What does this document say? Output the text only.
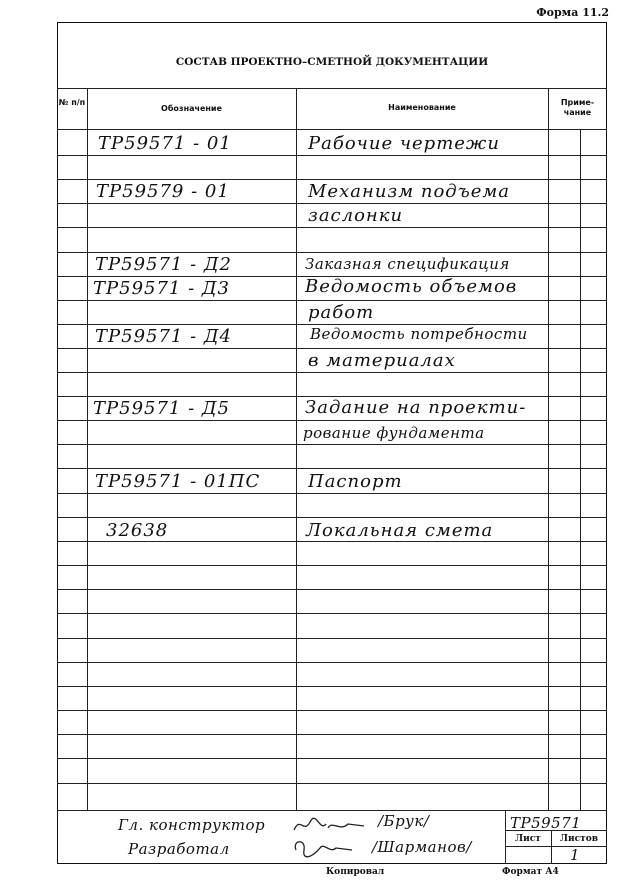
Форма 11.2
СОСТАВ ПРОЕКТНО–СМЕТНОЙ ДОКУМЕНТАЦИИ
№ п/п
Обозначение	Наименование
Приме-чание
ТР59571 - 01	Рабочие чертежи
ТР59579 - 01	Механизм подъема
заслонки
ТР59571 - Д2	Заказная спецификация
ТР59571 - Д3	Ведомость объемов
работ
ТР59571 - Д4	Ведомость потребности
в материалах
ТР59571 - Д5	Задание на проекти-
рование фундамента
ТР59571 - 01ПС	Паспорт
32638	Локальная смета
Гл. конструктор	/Брук/
Разработал	/Шарманов/
ТР59571
Лист	Листов
1
Копировал	Формат А4
